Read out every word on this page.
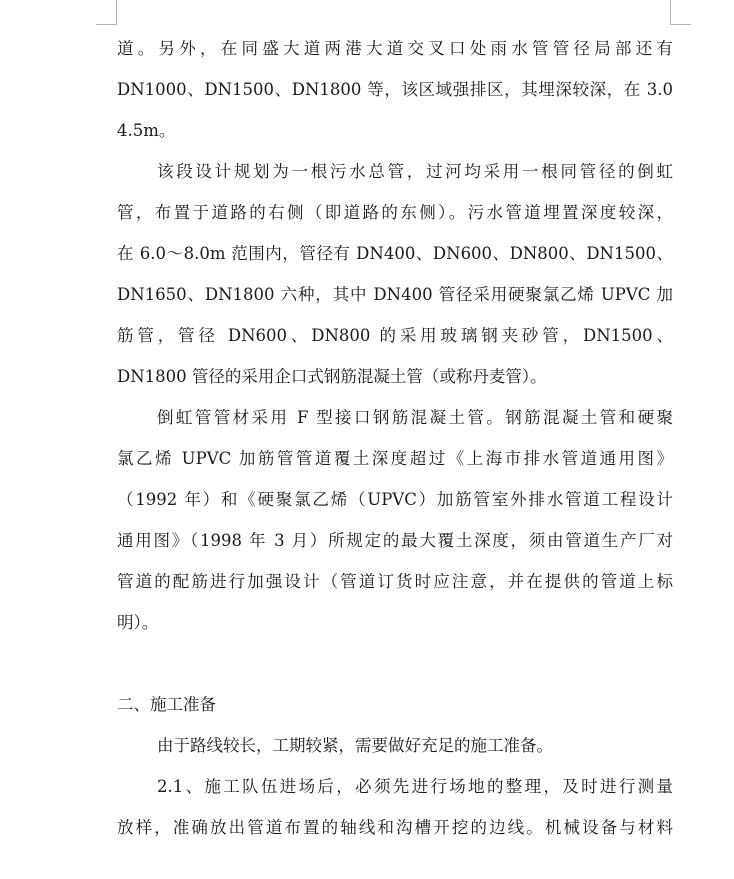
道。另外，在同盛大道两港大道交叉口处雨水管管径局部还有
DN1000、DN1500、DN1800 等，该区域强排区，其埋深较深，在 3.0
4.5m。
该段设计规划为一根污水总管，过河均采用一根同管径的倒虹
管，布置于道路的右侧（即道路的东侧）。污水管道埋置深度较深，
在 6.0～8.0m 范围内，管径有 DN400、DN600、DN800、DN1500、
DN1650、DN1800 六种，其中 DN400 管径采用硬聚氯乙烯 UPVC 加
筋管，管径 DN600、DN800 的采用玻璃钢夹砂管，DN1500、
DN1800 管径的采用企口式钢筋混凝土管（或称丹麦管）。
倒虹管管材采用 F 型接口钢筋混凝土管。钢筋混凝土管和硬聚
氯乙烯 UPVC 加筋管管道覆土深度超过《上海市排水管道通用图》
（1992 年）和《硬聚氯乙烯（UPVC）加筋管室外排水管道工程设计
通用图》（1998 年 3 月）所规定的最大覆土深度，须由管道生产厂对
管道的配筋进行加强设计（管道订货时应注意，并在提供的管道上标
明）。
二、施工准备
由于路线较长，工期较紧，需要做好充足的施工准备。
2.1、施工队伍进场后，必须先进行场地的整理，及时进行测量
放样，准确放出管道布置的轴线和沟槽开挖的边线。机械设备与材料
